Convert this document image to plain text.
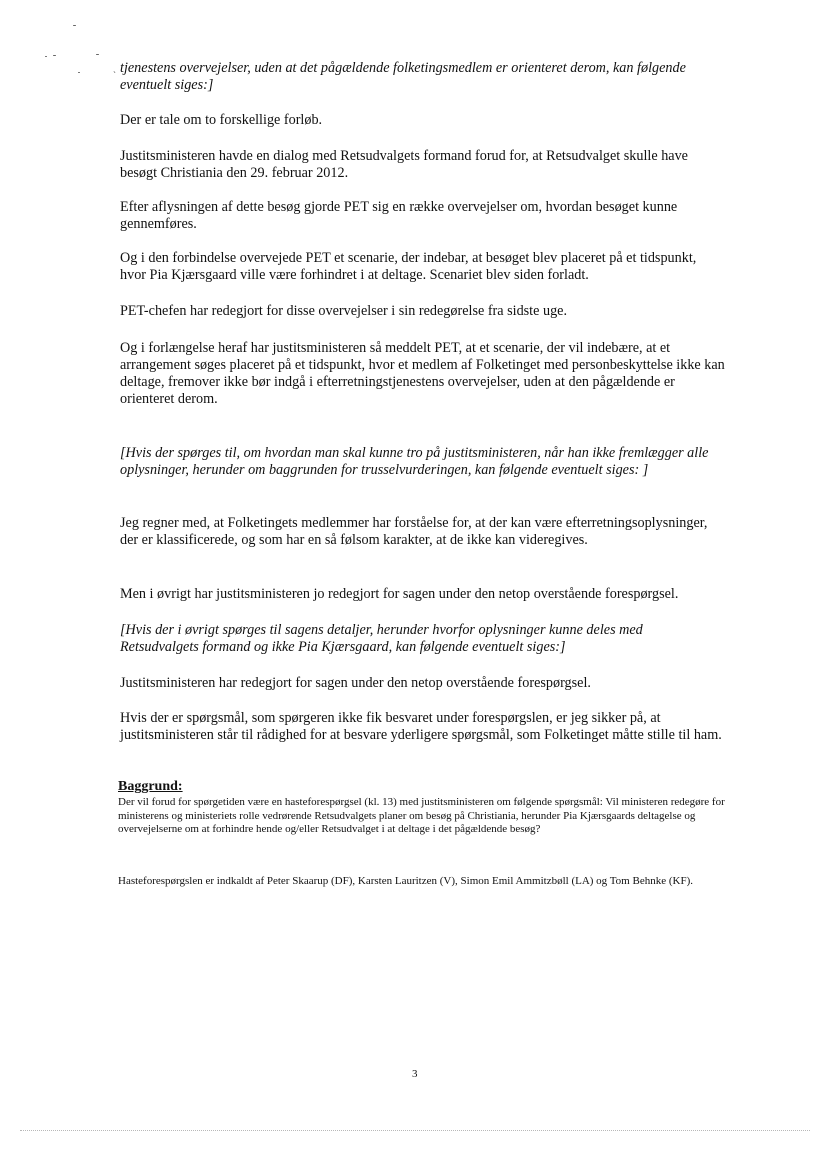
˴ tjenestens overvejelser, uden at det pågældende folketingsmedlem er orienteret derom, kan følgende eventuelt siges:]

Der er tale om to forskellige forløb.

Justitsministeren havde en dialog med Retsudvalgets formand forud for, at Retsudvalget skulle have besøgt Christiania den 29. februar 2012.

Efter aflysningen af dette besøg gjorde PET sig en række overvejelser om, hvordan besøget kunne gennemføres.

Og i den forbindelse overvejede PET et scenarie, der indebar, at besøget blev placeret på et tidspunkt, hvor Pia Kjærsgaard ville være forhindret i at deltage. Scenariet blev siden forladt.

PET-chefen har redegjort for disse overvejelser i sin redegørelse fra sidste uge.

Og i forlængelse heraf har justitsministeren så meddelt PET, at et scenarie, der vil indebære, at et arrangement søges placeret på et tidspunkt, hvor et medlem af Folketinget med personbeskyttelse ikke kan deltage, fremover ikke bør indgå i efterretningstjenestens overvejelser, uden at den pågældende er orienteret derom.

[Hvis der spørges til, om hvordan man skal kunne tro på justitsministeren, når han ikke fremlægger alle oplysninger, herunder om baggrunden for trusselvurderingen, kan følgende eventuelt siges: ]

Jeg regner med, at Folketingets medlemmer har forståelse for, at der kan være efterretningsoplysninger, der er klassificerede, og som har en så følsom karakter, at de ikke kan videregives.

Men i øvrigt har justitsministeren jo redegjort for sagen under den netop overstående forespørgsel.

[Hvis der i øvrigt spørges til sagens detaljer, herunder hvorfor oplysninger kunne deles med Retsudvalgets formand og ikke Pia Kjærsgaard, kan følgende eventuelt siges:]

Justitsministeren har redegjort for sagen under den netop overstående forespørgsel.

Hvis der er spørgsmål, som spørgeren ikke fik besvaret under forespørgslen, er jeg sikker på, at justitsministeren står til rådighed for at besvare yderligere spørgsmål, som Folketinget måtte stille til ham.

Baggrund:

Der vil forud for spørgetiden være en hasteforespørgsel (kl. 13) med justitsministeren om følgende spørgsmål: Vil ministeren redegøre for ministerens og ministeriets rolle vedrørende Retsudvalgets planer om besøg på Christiania, herunder Pia Kjærsgaards deltagelse og overvejelserne om at forhindre hende og/eller Retsudvalget i at deltage i det pågældende besøg?

Hasteforespørgslen er indkaldt af Peter Skaarup (DF), Karsten Lauritzen (V), Simon Emil Ammitzbøll (LA) og Tom Behnke (KF).

3
